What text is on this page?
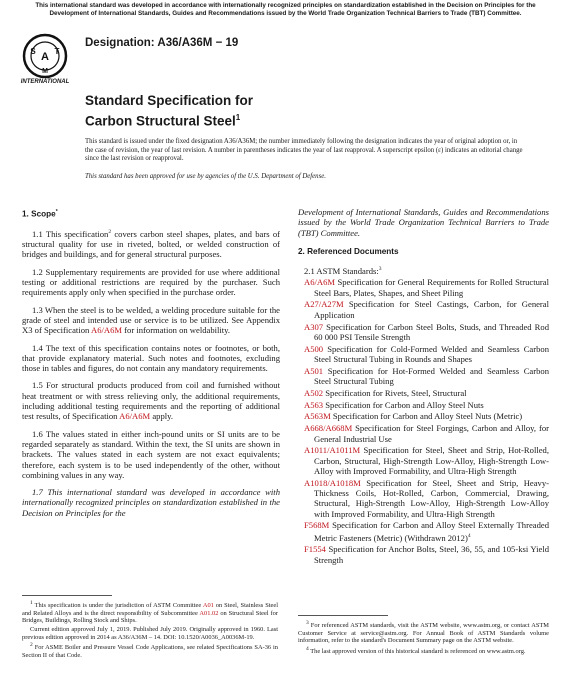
This international standard was developed in accordance with internationally recognized principles on standardization established in the Decision on Principles for the Development of International Standards, Guides and Recommendations issued by the World Trade Organization Technical Barriers to Trade (TBT) Committee.
A
S T
M
INTERNATIONAL
Designation: A36/A36M − 19
Standard Specification for
Carbon Structural Steel$^1$
This standard is issued under the fixed designation A36/A36M; the number immediately following the designation indicates the year of original adoption or, in the case of revision, the year of last revision. A number in parentheses indicates the year of last reapproval. A superscript epsilon (ε) indicates an editorial change since the last revision or reapproval.
This standard has been approved for use by agencies of the U.S. Department of Defense.
1. Scope*

1.1 This specification$^2$ covers carbon steel shapes, plates, and bars of structural quality for use in riveted, bolted, or welded construction of bridges and buildings, and for general structural purposes.

1.2 Supplementary requirements are provided for use where additional testing or additional restrictions are required by the purchaser. Such requirements apply only when specified in the purchase order.

1.3 When the steel is to be welded, a welding procedure suitable for the grade of steel and intended use or service is to be utilized. See Appendix X3 of Specification A6/A6M for information on weldability.

1.4 The text of this specification contains notes or footnotes, or both, that provide explanatory material. Such notes and footnotes, excluding those in tables and figures, do not contain any mandatory requirements.

1.5 For structural products produced from coil and furnished without heat treatment or with stress relieving only, the additional requirements, including additional testing requirements and the reporting of additional test results, of Specification A6/A6M apply.

1.6 The values stated in either inch-pound units or SI units are to be regarded separately as standard. Within the text, the SI units are shown in brackets. The values stated in each system are not exact equivalents; therefore, each system is to be used independently of the other, without combining values in any way.

1.7 This international standard was developed in accordance with internationally recognized principles on standardization established in the Decision on Principles for the

Development of International Standards, Guides and Recommendations issued by the World Trade Organization Technical Barriers to Trade (TBT) Committee.

2. Referenced Documents
2.1 ASTM Standards:$^3$
A6/A6M Specification for General Requirements for Rolled Structural Steel Bars, Plates, Shapes, and Sheet Piling
A27/A27M Specification for Steel Castings, Carbon, for General Application
A307 Specification for Carbon Steel Bolts, Studs, and Threaded Rod 60 000 PSI Tensile Strength
A500 Specification for Cold-Formed Welded and Seamless Carbon Steel Structural Tubing in Rounds and Shapes
A501 Specification for Hot-Formed Welded and Seamless Carbon Steel Structural Tubing
A502 Specification for Rivets, Steel, Structural
A563 Specification for Carbon and Alloy Steel Nuts
A563M Specification for Carbon and Alloy Steel Nuts (Metric)
A668/A668M Specification for Steel Forgings, Carbon and Alloy, for General Industrial Use
A1011/A1011M Specification for Steel, Sheet and Strip, Hot-Rolled, Carbon, Structural, High-Strength Low-Alloy, High-Strength Low-Alloy with Improved Formability, and Ultra-High Strength
A1018/A1018M Specification for Steel, Sheet and Strip, Heavy-Thickness Coils, Hot-Rolled, Carbon, Commercial, Drawing, Structural, High-Strength Low-Alloy, High-Strength Low-Alloy with Improved Formability, and Ultra-High Strength
F568M Specification for Carbon and Alloy Steel Externally Threaded Metric Fasteners (Metric) (Withdrawn 2012)$^4$
F1554 Specification for Anchor Bolts, Steel, 36, 55, and 105-ksi Yield Strength

$^1$ This specification is under the jurisdiction of ASTM Committee A01 on Steel, Stainless Steel and Related Alloys and is the direct responsibility of Subcommittee A01.02 on Structural Steel for Bridges, Buildings, Rolling Stock and Ships.

Current edition approved July 1, 2019. Published July 2019. Originally approved in 1960. Last previous edition approved in 2014 as A36/A36M – 14. DOI: 10.1520/A0036_A0036M-19.

$^2$ For ASME Boiler and Pressure Vessel Code Applications, see related Specifications SA-36 in Section II of that Code.

$^3$ For referenced ASTM standards, visit the ASTM website, www.astm.org, or contact ASTM Customer Service at service@astm.org. For Annual Book of ASTM Standards volume information, refer to the standard's Document Summary page on the ASTM website.

$^4$ The last approved version of this historical standard is referenced on www.astm.org.
